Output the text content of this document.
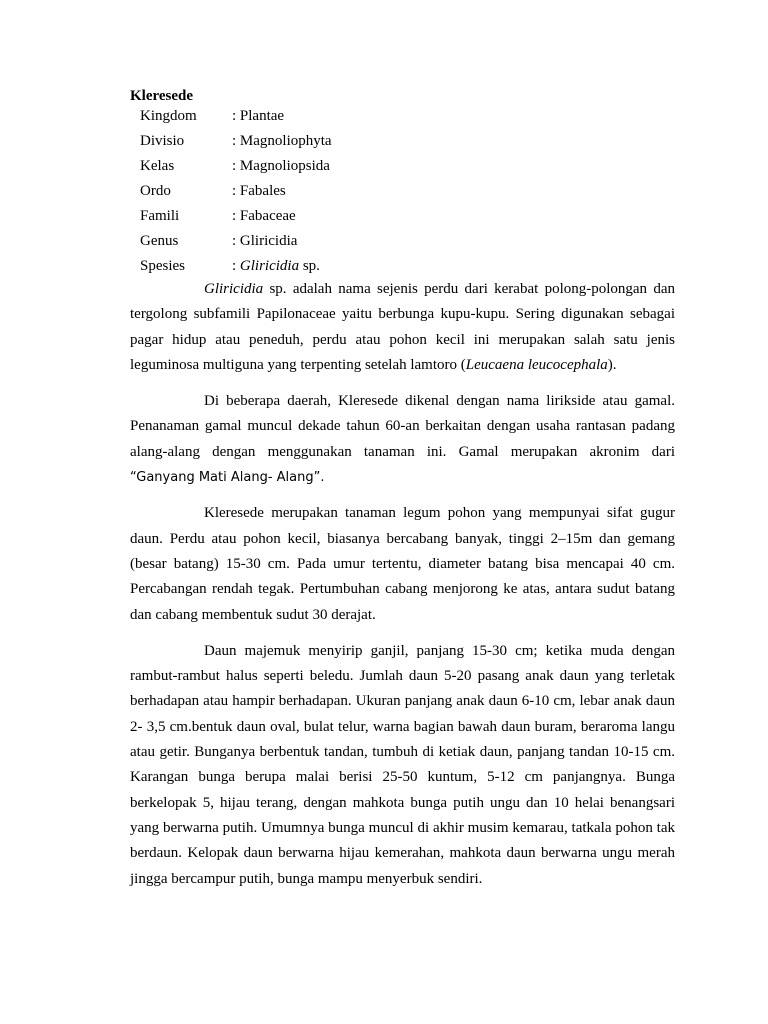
Kleresede
Kingdom : Plantae
Divisio	: Magnoliophyta
Kelas	: Magnoliopsida
Ordo	: Fabales
Famili	: Fabaceae
Genus	: Gliricidia
Spesies	: Gliricidia sp.

Gliricidia sp. adalah nama sejenis perdu dari kerabat polong-polongan dan tergolong subfamili Papilonaceae yaitu berbunga kupu-kupu. Sering digunakan sebagai pagar hidup atau peneduh, perdu atau pohon kecil ini merupakan salah satu jenis leguminosa multiguna yang terpenting setelah lamtoro (Leucaena leucocephala).

Di beberapa daerah, Kleresede dikenal dengan nama lirikside atau gamal. Penanaman gamal muncul dekade tahun 60-an berkaitan dengan usaha rantasan padang alang-alang dengan menggunakan tanaman ini. Gamal merupakan akronim dari “Ganyang Mati Alang- Alang”.

Kleresede merupakan tanaman legum pohon yang mempunyai sifat gugur daun. Perdu atau pohon kecil, biasanya bercabang banyak, tinggi 2–15m dan gemang (besar batang) 15-30 cm. Pada umur tertentu, diameter batang bisa mencapai 40 cm. Percabangan rendah tegak. Pertumbuhan cabang menjorong ke atas, antara sudut batang dan cabang membentuk sudut 30 derajat.

Daun majemuk menyirip ganjil, panjang 15-30 cm; ketika muda dengan rambut-rambut halus seperti beledu. Jumlah daun 5-20 pasang anak daun yang terletak berhadapan atau hampir berhadapan. Ukuran panjang anak daun 6-10 cm, lebar anak daun 2- 3,5 cm.bentuk daun oval, bulat telur, warna bagian bawah daun buram, beraroma langu atau getir. Bunganya berbentuk tandan, tumbuh di ketiak daun, panjang tandan 10-15 cm. Karangan bunga berupa malai berisi 25-50 kuntum, 5-12 cm panjangnya. Bunga berkelopak 5, hijau terang, dengan mahkota bunga putih ungu dan 10 helai benangsari yang berwarna putih. Umumnya bunga muncul di akhir musim kemarau, tatkala pohon tak berdaun. Kelopak daun berwarna hijau kemerahan, mahkota daun berwarna ungu merah jingga bercampur putih, bunga mampu menyerbuk sendiri.
